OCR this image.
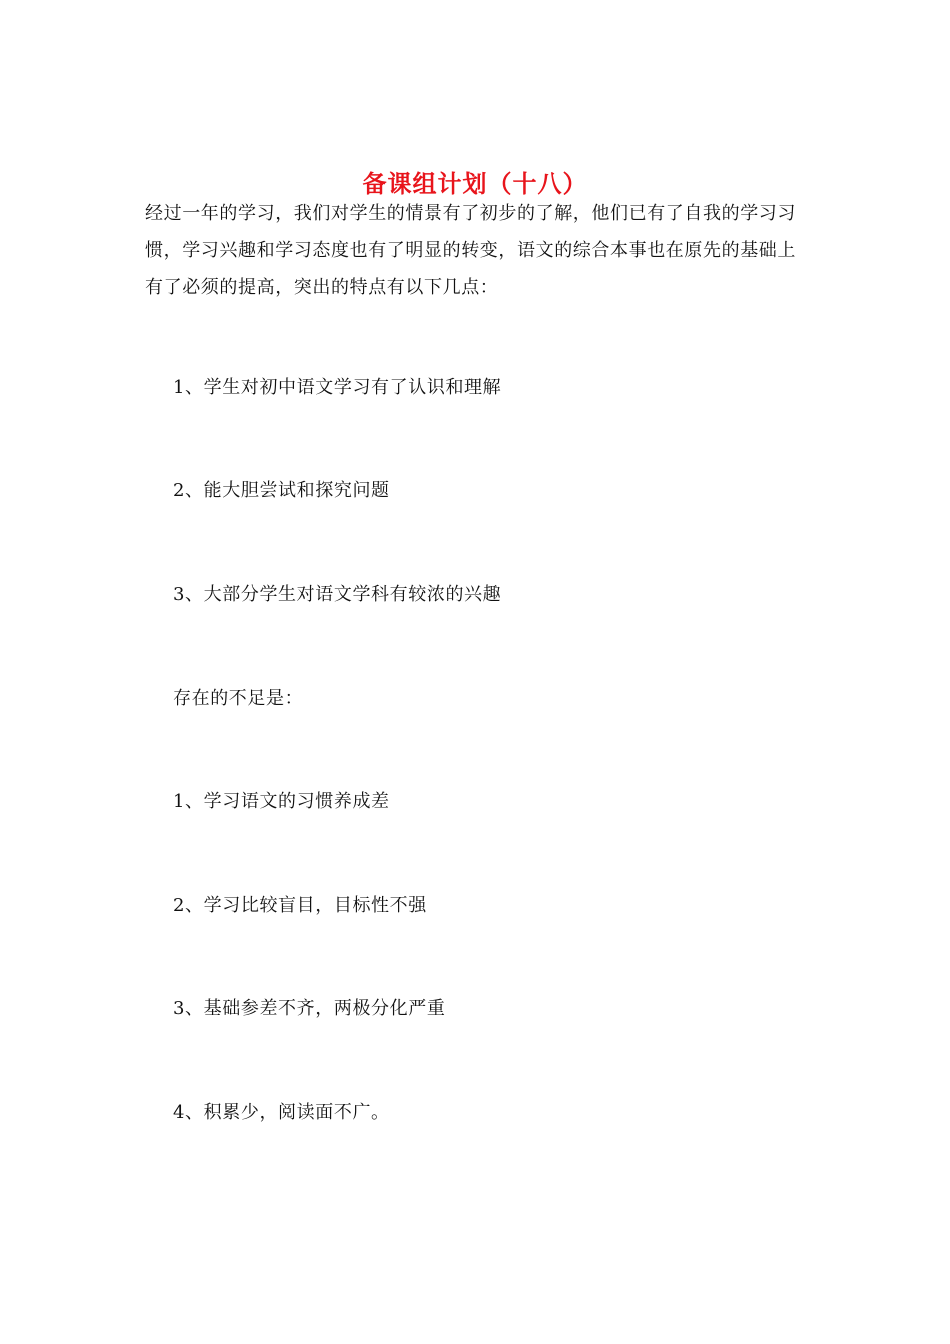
备课组计划（十八）

经过一年的学习，我们对学生的情景有了初步的了解，他们已有了自我的学习习惯，学习兴趣和学习态度也有了明显的转变，语文的综合本事也在原先的基础上有了必须的提高，突出的特点有以下几点：

1、学生对初中语文学习有了认识和理解

2、能大胆尝试和探究问题

3、大部分学生对语文学科有较浓的兴趣

存在的不足是：

1、学习语文的习惯养成差

2、学习比较盲目，目标性不强

3、基础参差不齐，两极分化严重

4、积累少，阅读面不广。
